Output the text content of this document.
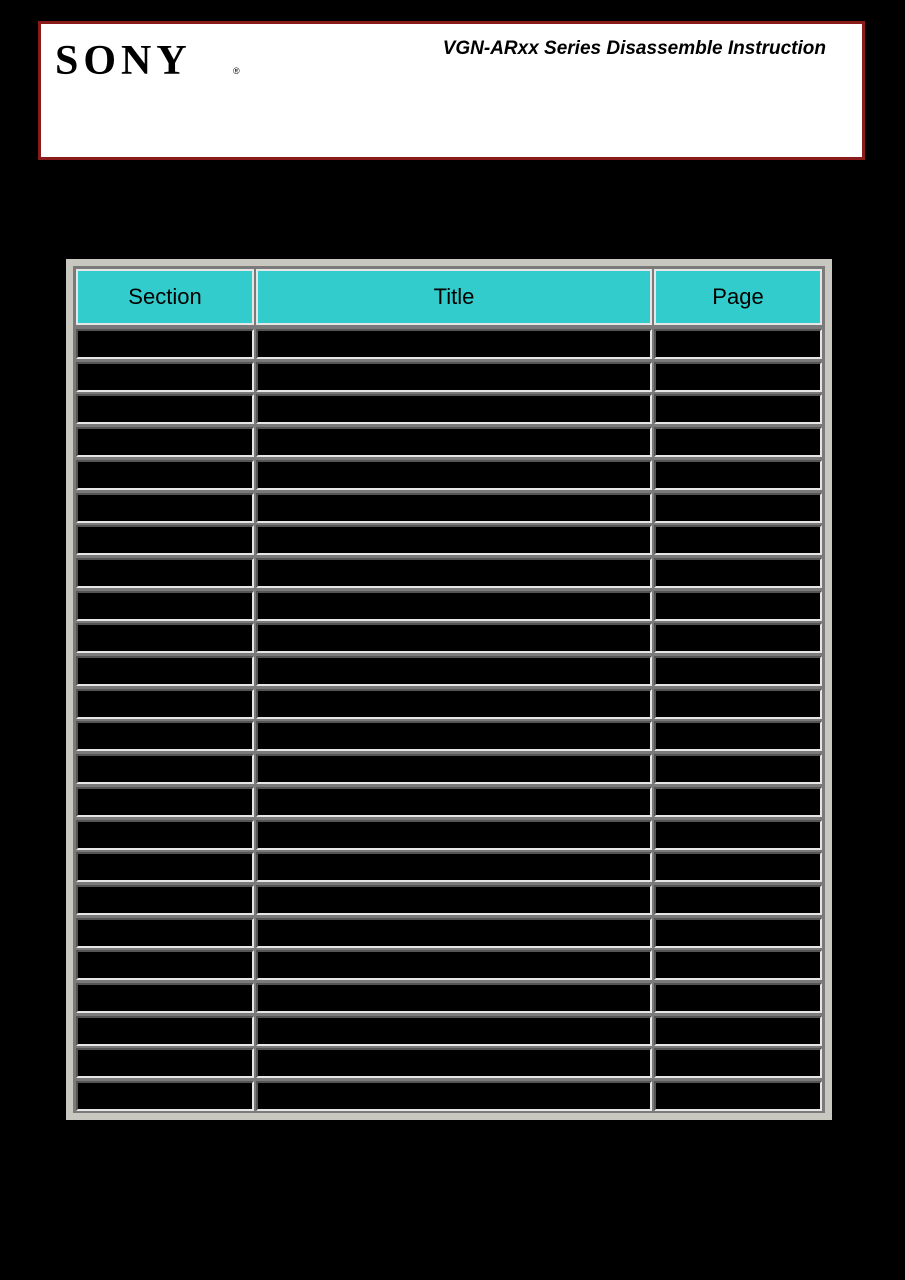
SONY	®
VGN-ARxx Series Disassemble Instruction
Section	Title	Page
